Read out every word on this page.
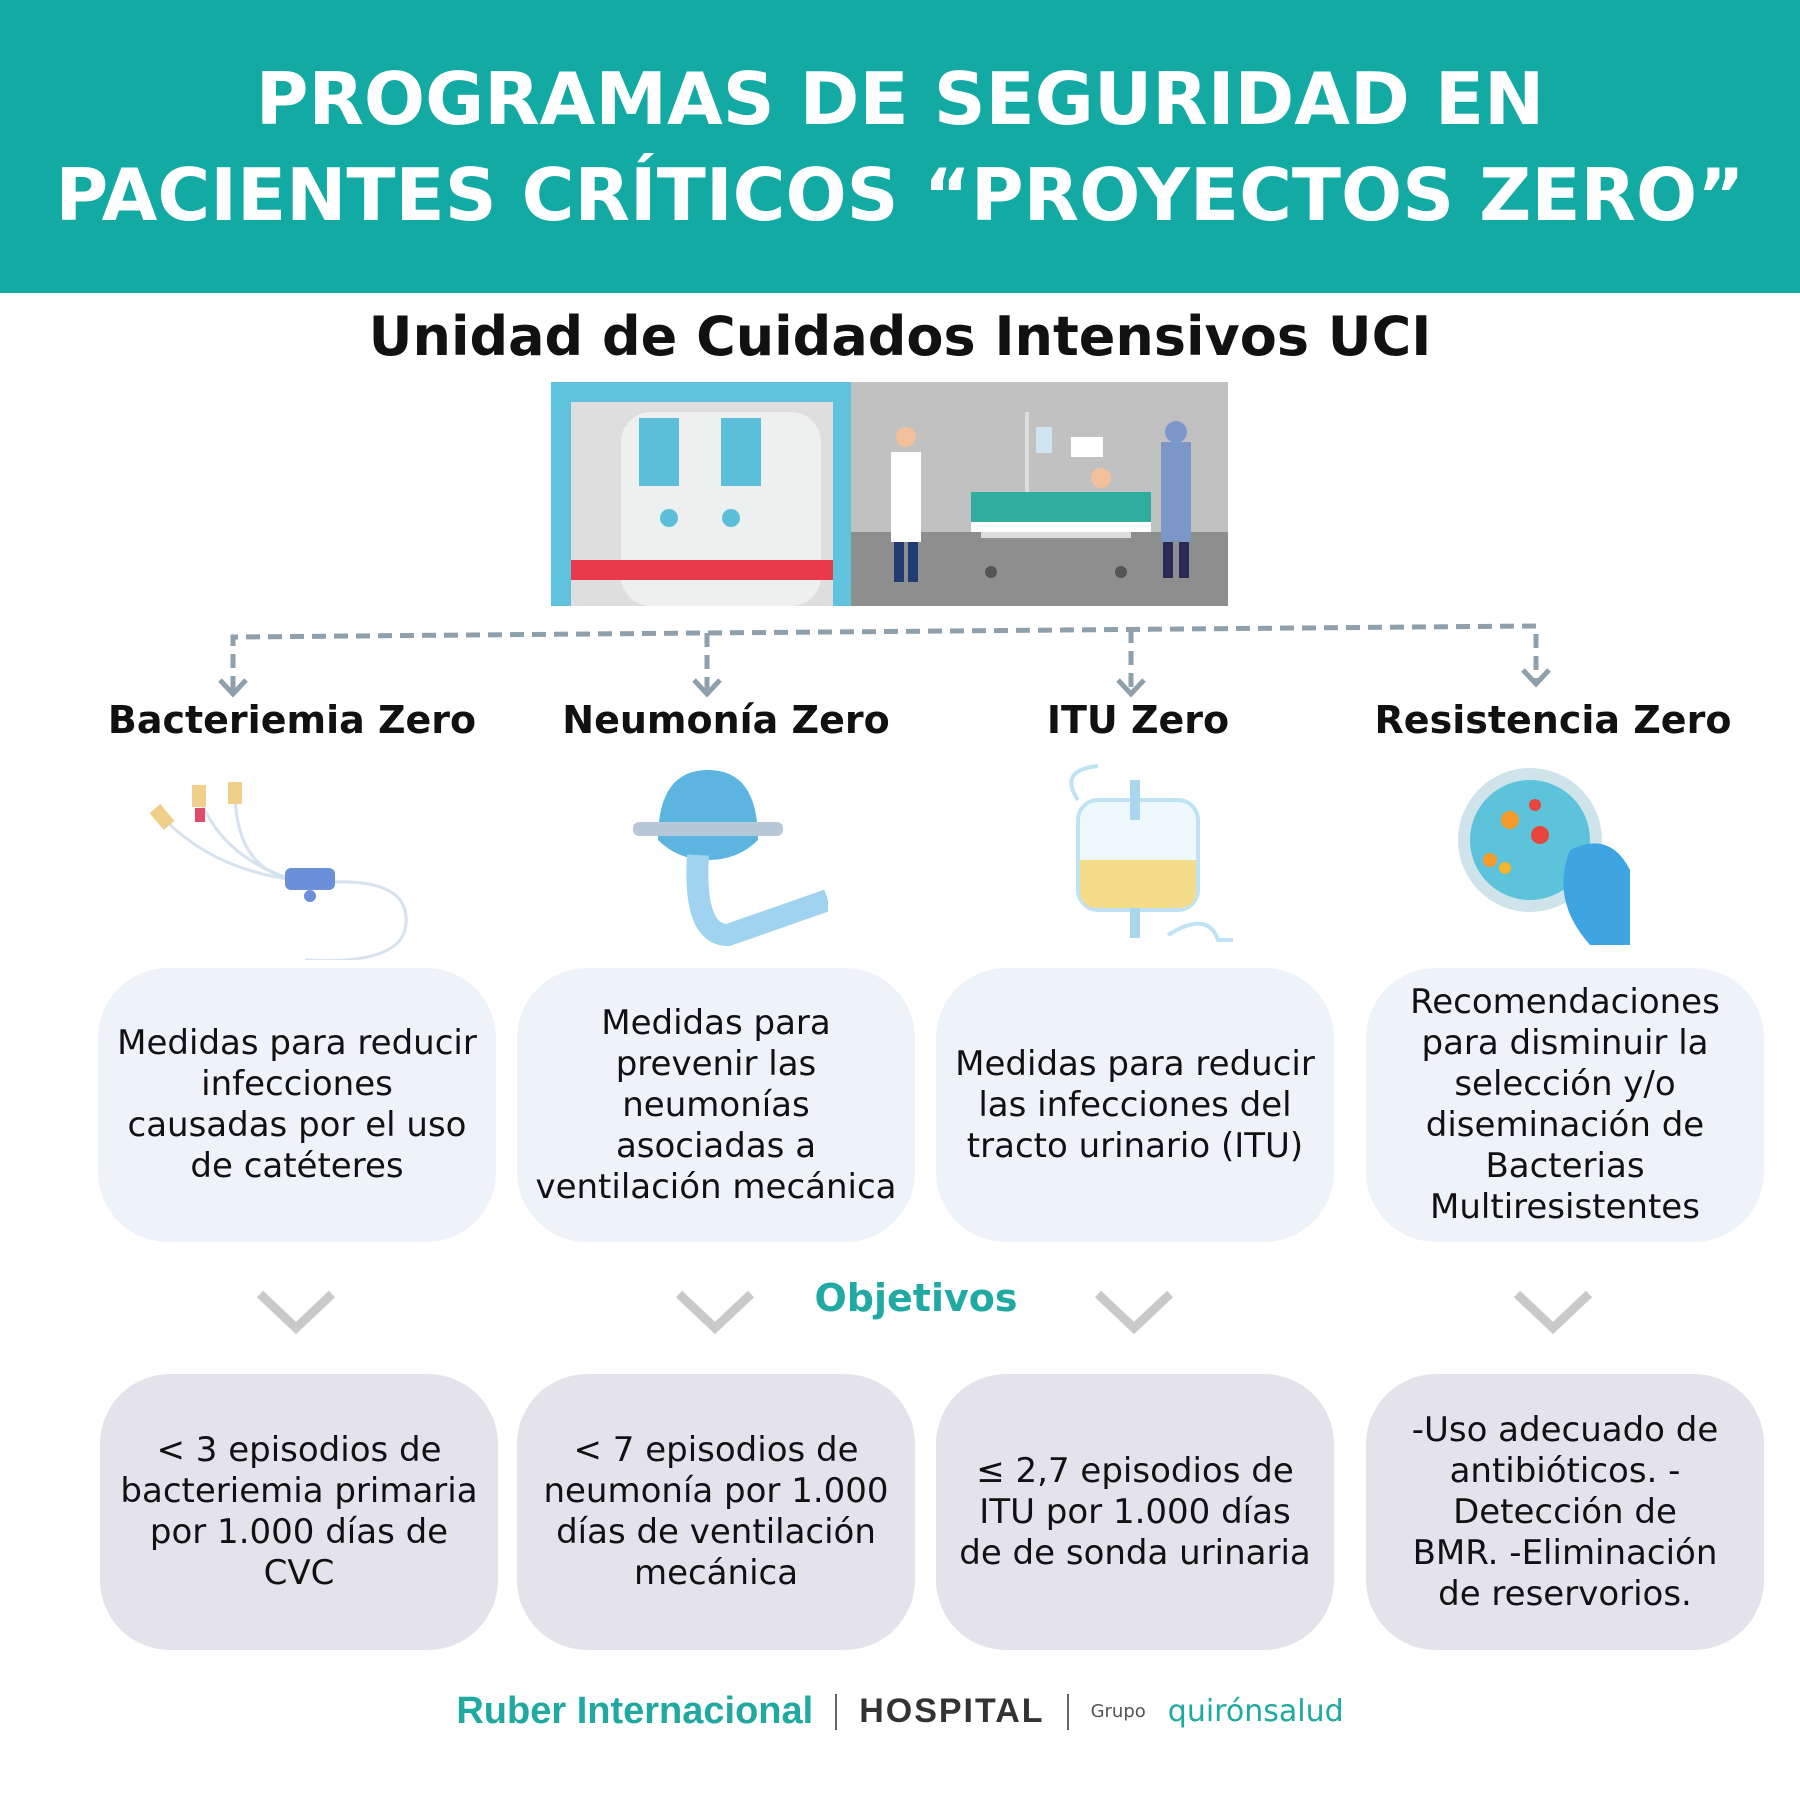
PROGRAMAS DE SEGURIDAD EN
PACIENTES CRÍTICOS “PROYECTOS ZERO”
Unidad de Cuidados Intensivos UCI
Bacteriemia Zero	Neumonía Zero	ITU Zero	Resistencia Zero
Medidas para reducir infecciones causadas por el uso de catéteres
Medidas para prevenir las neumonías asociadas a ventilación mecánica
Medidas para reducir las infecciones del tracto urinario (ITU)
Recomendaciones para disminuir la selección y/o diseminación de Bacterias Multiresistentes
Objetivos
< 3 episodios de bacteriemia primaria por 1.000 días de CVC
< 7 episodios de neumonía por 1.000 días de ventilación mecánica
≤ 2,7 episodios de ITU por 1.000 días de de sonda urinaria
-Uso adecuado de antibióticos. -Detección de BMR. -Eliminación de reservorios.
Ruber Internacional HOSPITAL	Grupo quirónsalud
